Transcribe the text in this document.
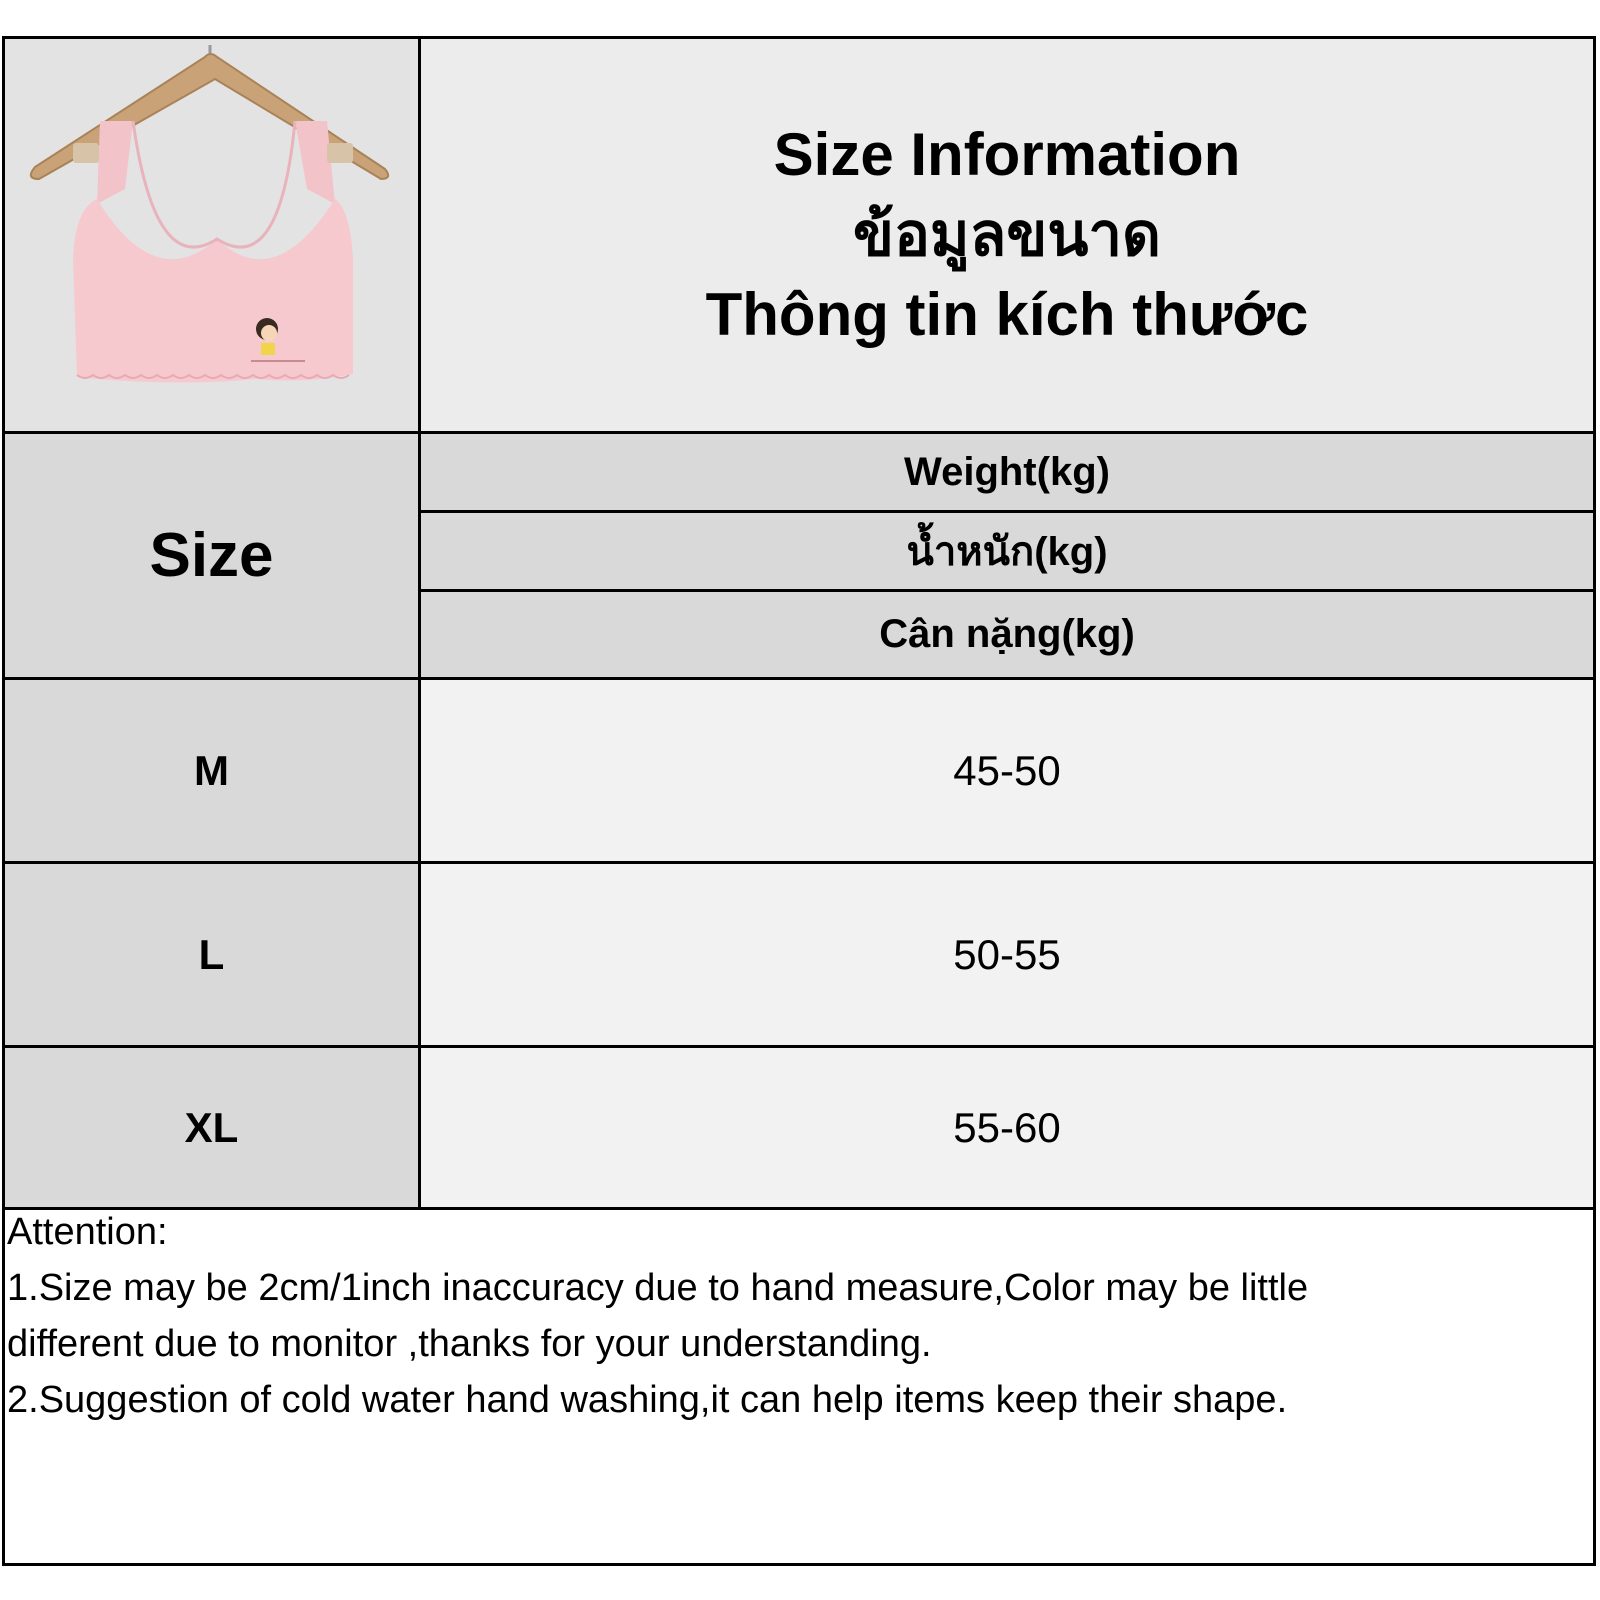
Size Information
ข้อมูลขนาด
Thông tin kích thước
Size
Weight(kg)
น้ำหนัก(kg)
Cân nặng(kg)
M	45-50
L	50-55
XL	55-60
Attention:
1.Size may be 2cm/1inch inaccuracy due to hand measure,Color may be little
different due to monitor ,thanks for your understanding.
2.Suggestion of cold water hand washing,it can help items keep their shape.
